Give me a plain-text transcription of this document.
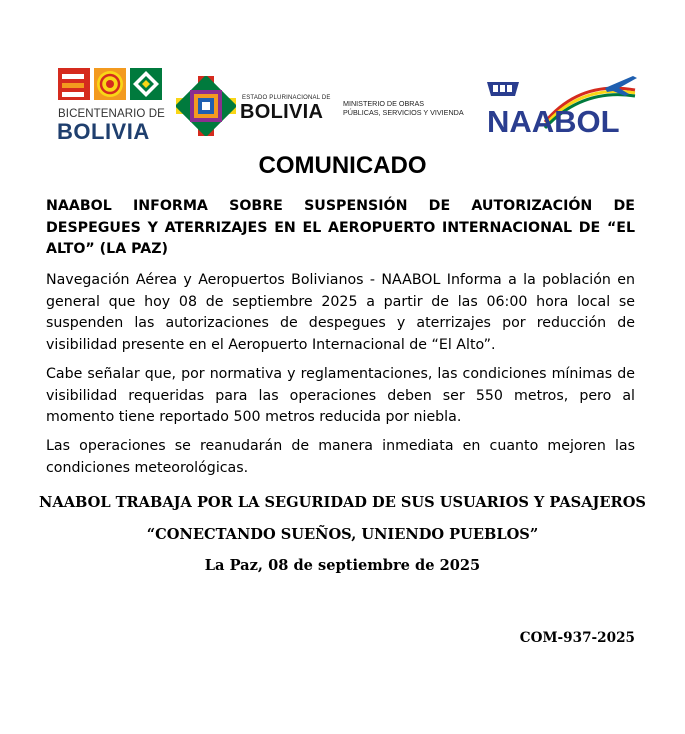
BICENTENARIO DE
BOLIVIA
ESTADO PLURINACIONAL DE
BOLIVIA	MINISTERIO DE OBRAS
PÚBLICAS, SERVICIOS Y VIVIENDA NAABOL
COMUNICADO
NAABOL INFORMA SOBRE SUSPENSIÓN DE AUTORIZACIÓN DE DESPEGUES Y ATERRIZAJES EN EL AEROPUERTO INTERNACIONAL DE “EL ALTO” (LA PAZ)
Navegación Aérea y Aeropuertos Bolivianos - NAABOL Informa a la población en general que hoy 08 de septiembre 2025 a partir de las 06:00 hora local se suspenden las autorizaciones de despegues y aterrizajes por reducción de visibilidad presente en el Aeropuerto Internacional de “El Alto”.
Cabe señalar que, por normativa y reglamentaciones, las condiciones mínimas de visibilidad requeridas para las operaciones deben ser 550 metros, pero al momento tiene reportado 500 metros reducida por niebla.
Las operaciones se reanudarán de manera inmediata en cuanto mejoren las condiciones meteorológicas.
NAABOL TRABAJA POR LA SEGURIDAD DE SUS USUARIOS Y PASAJEROS
“CONECTANDO SUEÑOS, UNIENDO PUEBLOS”
La Paz, 08 de septiembre de 2025
COM-937-2025
